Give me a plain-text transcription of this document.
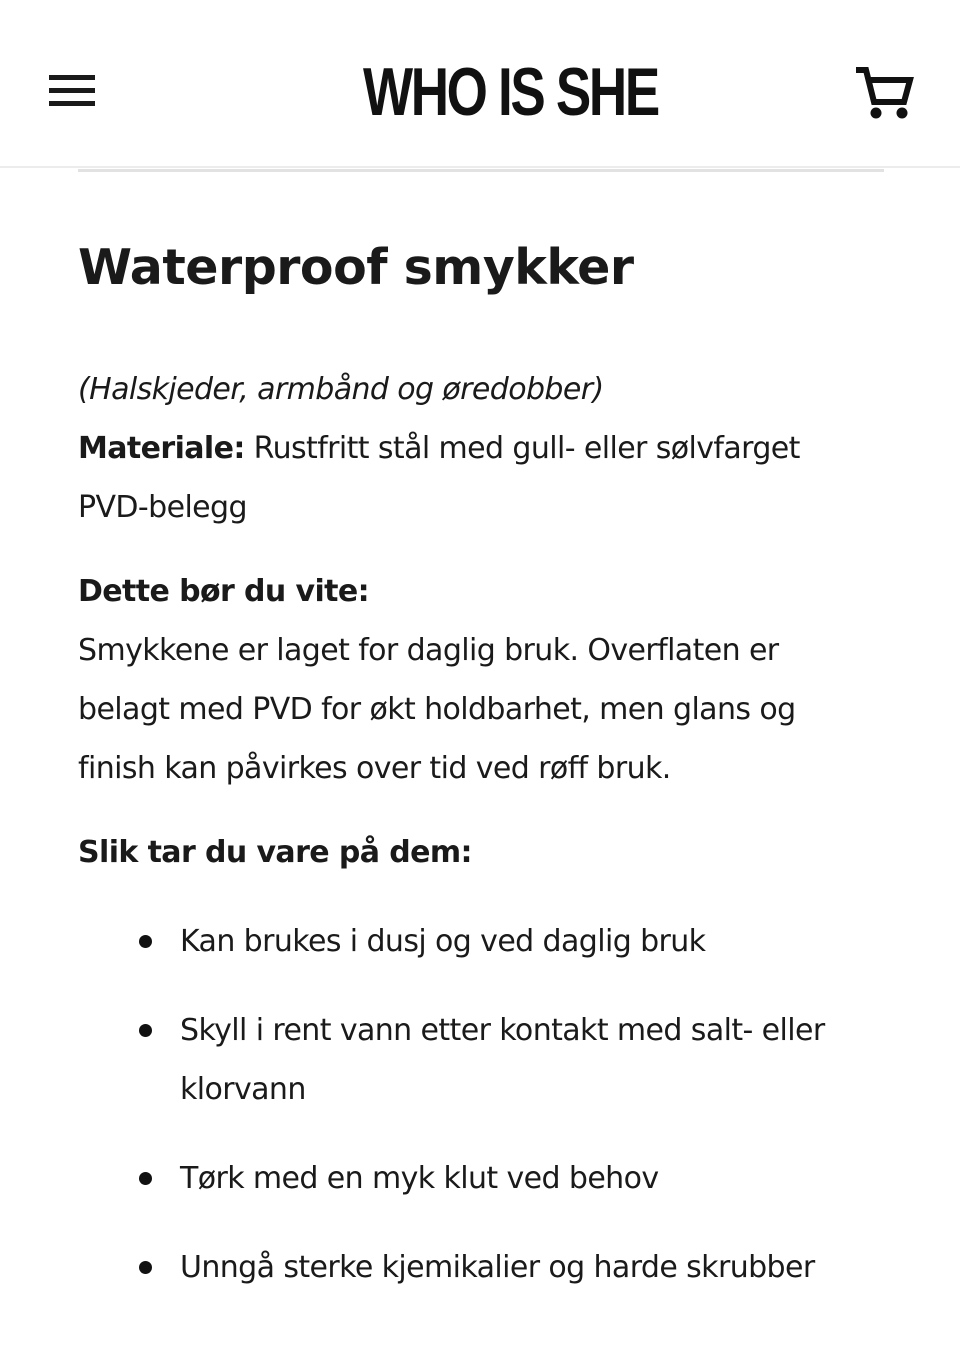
WHO IS SHE
Waterproof smykker

(Halskjeder, armbånd og øredobber)

Materiale: Rustfritt stål med gull- eller sølvfarget PVD-belegg

Dette bør du vite:

Smykkene er laget for daglig bruk. Overflaten er belagt med PVD for økt holdbarhet, men glans og finish kan påvirkes over tid ved røff bruk.

Slik tar du vare på dem:

Kan brukes i dusj og ved daglig bruk
Skyll i rent vann etter kontakt med salt- eller klorvann
Tørk med en myk klut ved behov
Unngå sterke kjemikalier og harde skrubber
